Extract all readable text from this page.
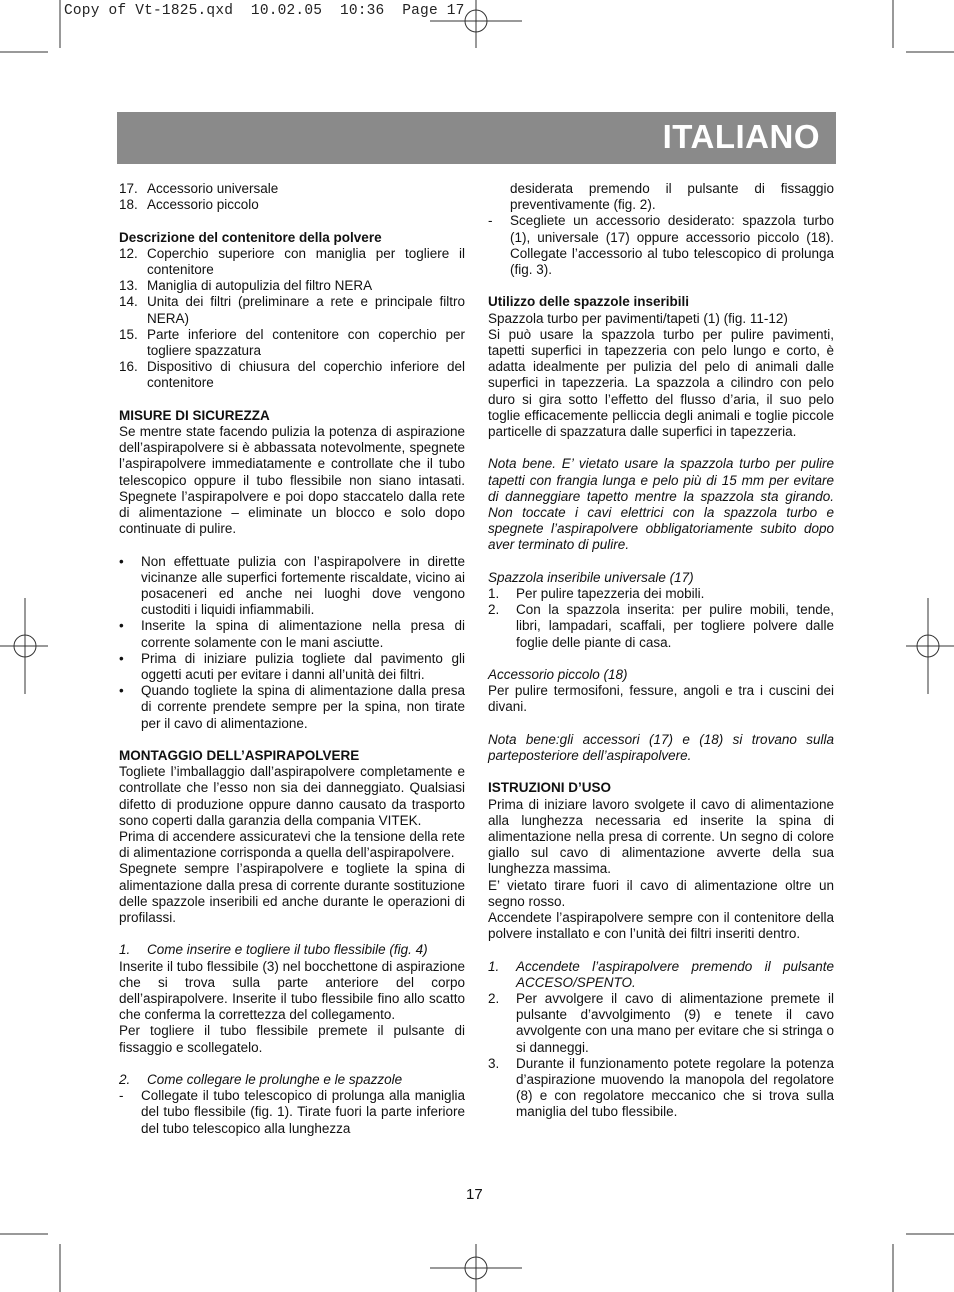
Copy of Vt-1825.qxd  10.02.05  10:36  Page 17
ITALIANO
17. Accessorio universale
18. Accessorio piccolo

Descrizione del contenitore della polvere

12. Coperchio superiore con maniglia per togliere il contenitore
13. Maniglia di autopulizia del filtro NERA
14. Unita dei filtri (preliminare a rete e principale filtro NERA)
15. Parte inferiore del contenitore con coperchio per togliere spazzatura
16. Dispositivo di chiusura del coperchio inferiore del contenitore

MISURE DI SICUREZZA

Se mentre state facendo pulizia la potenza di aspirazione dell’aspirapolvere si è abbassata notevolmente, spegnete l’aspirapolvere immediatamente e controllate che il tubo telescopico oppure il tubo flessibile non siano intasati. Spegnete l’aspirapolvere e poi dopo staccatelo dalla rete di alimentazione – eliminate un blocco e solo dopo continuate di pulire.

•	Non effettuate pulizia con l’aspirapolvere in dirette vicinanze alle superfici fortemente riscaldate, vicino ai posaceneri ed anche nei luoghi dove vengono custoditi i liquidi infiammabili.
•	Inserite la spina di alimentazione nella presa di corrente solamente con le mani asciutte.
•	Prima di iniziare pulizia togliete dal pavimento gli oggetti acuti per evitare i danni all’unità dei filtri.
•	Quando togliete la spina di alimentazione dalla presa di corrente prendete sempre per la spina, non tirate per il cavo di alimentazione.

MONTAGGIO DELL’ASPIRAPOLVERE

Togliete l’imballaggio dall’aspirapolvere completamente e controllate che l’esso non sia dei danneggiato. Qualsiasi difetto di produzione oppure danno causato da trasporto sono coperti dalla garanzia della compania VITEK.

Prima di accendere assicuratevi che la tensione della rete di alimentazione corrisponda a quella dell’aspirapolvere.

Spegnete sempre l’aspirapolvere e togliete la spina di alimentazione dalla presa di corrente durante sostituzione delle spazzole inseribili ed anche durante le operazioni di profilassi.

1.	Come inserire e togliere il tubo flessibile (fig. 4)

Inserite il tubo flessibile (3) nel bocchettone di aspirazione che si trova sulla parte anteriore del corpo dell’aspirapolvere. Inserite il tubo flessibile fino allo scatto che conferma la correttezza del collegamento.

Per togliere il tubo flessibile premete il pulsante di fissaggio e scollegatelo.

2.	Come collegare le prolunghe e le spazzole
-	Collegate il tubo telescopico di prolunga alla maniglia del tubo flessibile (fig. 1). Tirate fuori la parte inferiore del tubo telescopico alla lunghezza
desiderata premendo il pulsante di fissaggio preventivamente (fig. 2).
-	Scegliete un accessorio desiderato: spazzola turbo (1), universale (17) oppure accessorio piccolo (18). Collegate l’accessorio al tubo telescopico di prolunga (fig. 3).

Utilizzo delle spazzole inseribili

Spazzola turbo per pavimenti/tapeti (1) (fig. 11-12)

Si può usare la spazzola turbo per pulire pavimenti, tapetti superfici in tapezzeria con pelo lungo e corto, è adatta idealmente per pulizia del pelo di animali dalle superfici in tapezzeria. La spazzola a cilindro con pelo duro si gira sotto l’effetto del flusso d’aria, il suo pelo toglie efficacemente pelliccia degli animali e toglie piccole particelle di spazzatura dalle superfici in tapezzeria.

Nota bene. E’ vietato usare la spazzola turbo per pulire tapetti con frangia lunga e pelo più di 15 mm per evitare di danneggiare tapetto mentre la spazzola sta girando. Non toccate i cavi elettrici con la spazzola turbo e spegnete l’aspirapolvere obbligatoriamente subito dopo aver terminato di pulire.

Spazzola inseribile universale (17)

1.	Per pulire tapezzeria dei mobili.
2.	Con la spazzola inserita: per pulire mobili, tende, libri, lampadari, scaffali, per togliere polvere dalle foglie delle piante di casa.

Accessorio piccolo (18)

Per pulire termosifoni, fessure, angoli e tra i cuscini dei divani.

Nota bene:gli accessori (17) e (18) si trovano sulla parteposteriore dell’aspirapolvere.

ISTRUZIONI D’USO

Prima di iniziare lavoro svolgete il cavo di alimentazione alla lunghezza necessaria ed inserite la spina di alimentazione nella presa di corrente. Un segno di colore giallo sul cavo di alimentazione avverte della sua lunghezza massima.

E’ vietato tirare fuori il cavo di alimentazione oltre un segno rosso.

Accendete l’aspirapolvere sempre con il contenitore della polvere installato e con l’unità dei filtri inseriti dentro.

1.	Accendete l’aspirapolvere premendo il pulsante ACCESO/SPENTO.
2.	Per avvolgere il cavo di alimentazione premete il pulsante d’avvolgimento (9) e tenete il cavo avvolgente con una mano per evitare che si stringa o si danneggi.
3.	Durante il funzionamento potete regolare la potenza d’aspirazione muovendo la manopola del regolatore (8) e con regolatore meccanico che si trova sulla maniglia del tubo flessibile.
17
